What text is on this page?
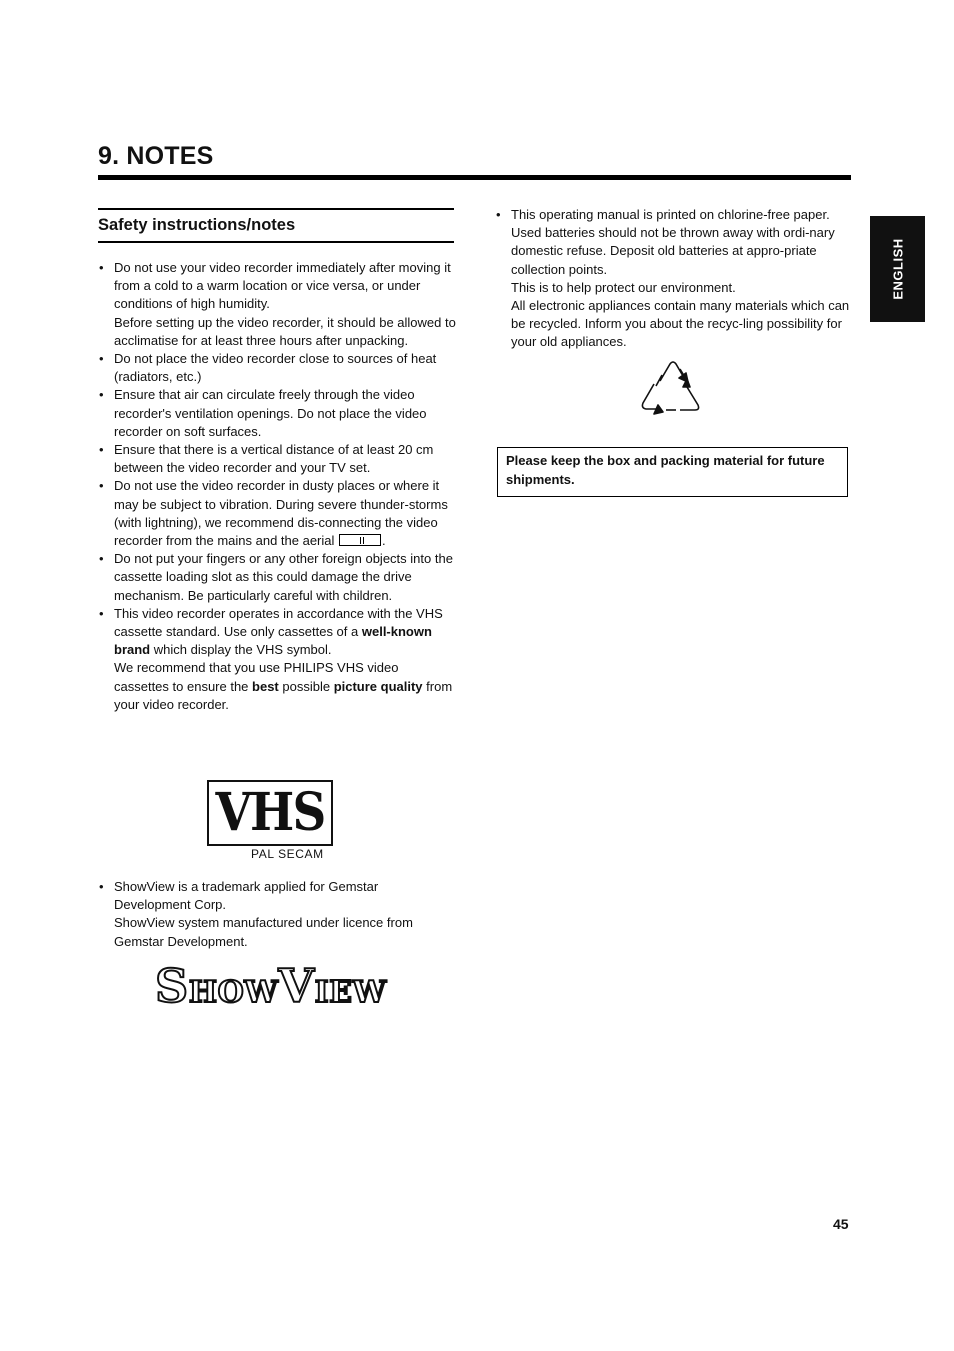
9. NOTES
ENGLISH
Safety instructions/notes
• Do not use your video recorder immediately after moving it from a cold to a warm location or vice versa, or under conditions of high humidity.
Before setting up the video recorder, it should be allowed to acclimatise for at least three hours after unpacking.
• Do not place the video recorder close to sources of heat (radiators, etc.)
• Ensure that air can circulate freely through the video recorder's ventilation openings. Do not place the video recorder on soft surfaces.
• Ensure that there is a vertical distance of at least 20 cm between the video recorder and your TV set.
• Do not use the video recorder in dusty places or where it may be subject to vibration. During severe thunder-storms (with lightning), we recommend dis-connecting the video recorder from the mains and the aerial	.
• Do not put your fingers or any other foreign objects into the cassette loading slot as this could damage the drive mechanism. Be particularly careful with children.
• This video recorder operates in accordance with the VHS cassette standard. Use only cassettes of a well-known brand which display the VHS symbol.
We recommend that you use PHILIPS VHS video cassettes to ensure the best possible picture quality from your video recorder.
VHS
PAL SECAM
• ShowView is a trademark applied for Gemstar Development Corp.
ShowView system manufactured under licence from Gemstar Development.
SHOWVIEW
• This operating manual is printed on chlorine-free paper. Used batteries should not be thrown away with ordi-nary domestic refuse. Deposit old batteries at appro-priate collection points.
This is to help protect our environment.
All electronic appliances contain many materials which can be recycled. Inform you about the recyc-ling possibility for your old appliances.
Please keep the box and packing material for future shipments.
45
